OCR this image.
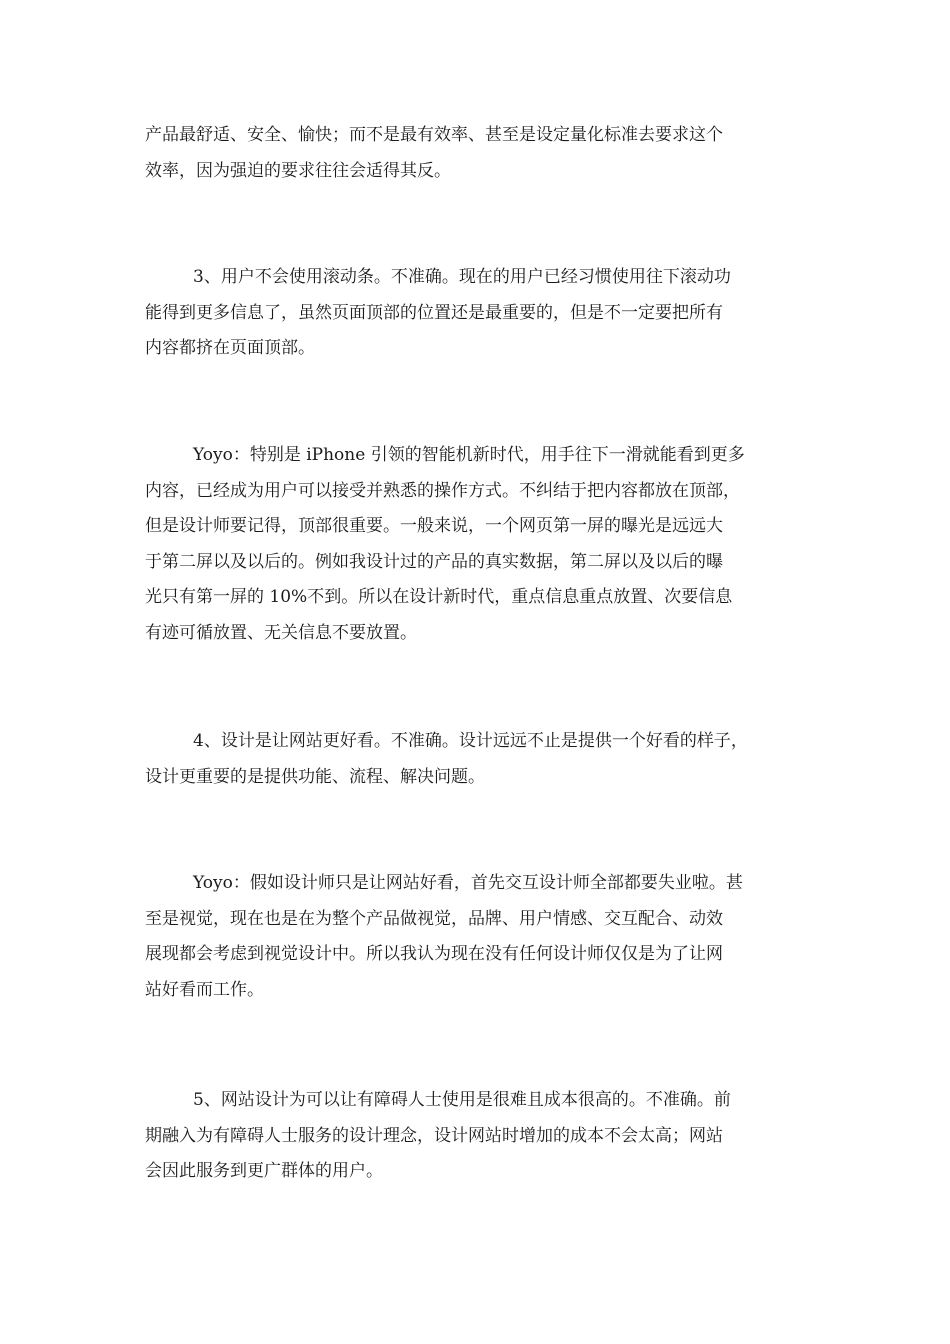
产品最舒适、安全、愉快；而不是最有效率、甚至是设定量化标准去要求这个
效率，因为强迫的要求往往会适得其反。

3、用户不会使用滚动条。不准确。现在的用户已经习惯使用往下滚动功
能得到更多信息了，虽然页面顶部的位置还是最重要的，但是不一定要把所有
内容都挤在页面顶部。

Yoyo：特别是 iPhone 引领的智能机新时代，用手往下一滑就能看到更多
内容，已经成为用户可以接受并熟悉的操作方式。不纠结于把内容都放在顶部，
但是设计师要记得，顶部很重要。一般来说，一个网页第一屏的曝光是远远大
于第二屏以及以后的。例如我设计过的产品的真实数据，第二屏以及以后的曝
光只有第一屏的 10%不到。所以在设计新时代，重点信息重点放置、次要信息
有迹可循放置、无关信息不要放置。

4、设计是让网站更好看。不准确。设计远远不止是提供一个好看的样子，
设计更重要的是提供功能、流程、解决问题。

Yoyo：假如设计师只是让网站好看，首先交互设计师全部都要失业啦。甚
至是视觉，现在也是在为整个产品做视觉，品牌、用户情感、交互配合、动效
展现都会考虑到视觉设计中。所以我认为现在没有任何设计师仅仅是为了让网
站好看而工作。

5、网站设计为可以让有障碍人士使用是很难且成本很高的。不准确。前
期融入为有障碍人士服务的设计理念，设计网站时增加的成本不会太高；网站
会因此服务到更广群体的用户。
